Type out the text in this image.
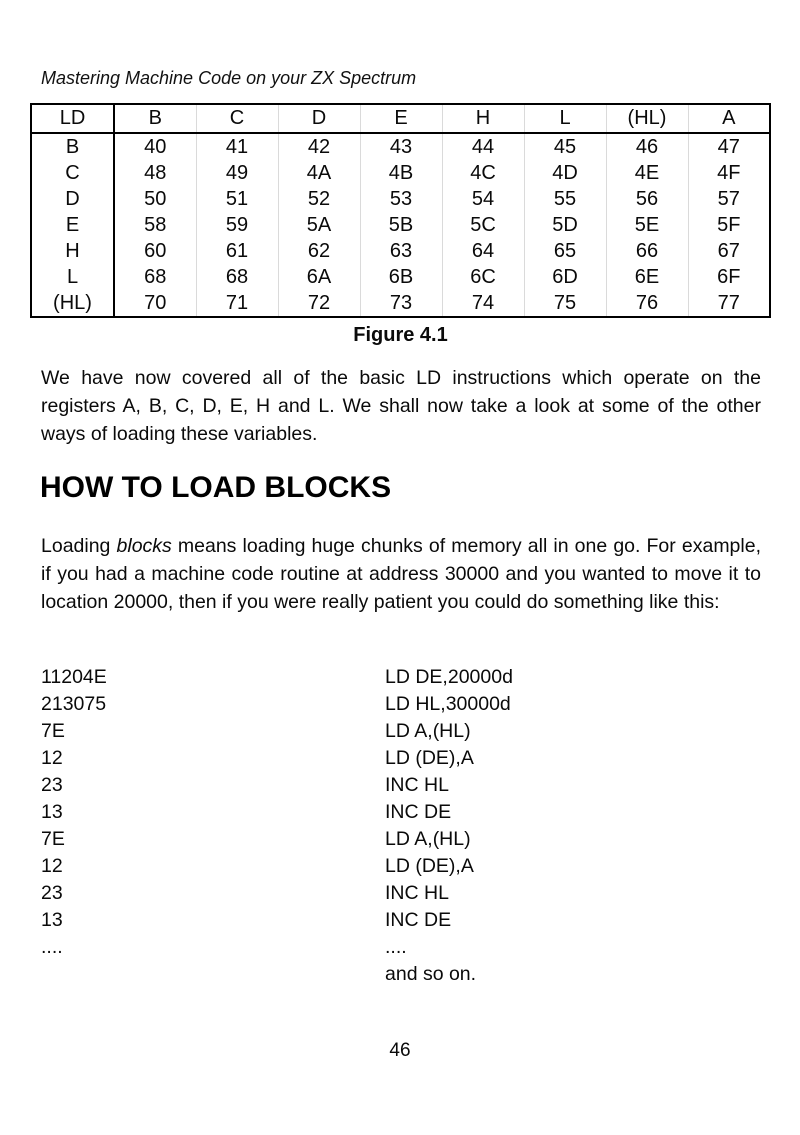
Mastering Machine Code on your ZX Spectrum
LD	B	C	D	E	H	L	(HL)	A
B	40	41	42	43	44	45	46	47
C	48	49	4A	4B	4C	4D	4E	4F
D	50	51	52	53	54	55	56	57
E	58	59	5A	5B	5C	5D	5E	5F
H	60	61	62	63	64	65	66	67
L	68	68	6A	6B	6C	6D	6E	6F
(HL)	70	71	72	73	74	75	76	77
Figure 4.1
We have now covered all of the basic LD instructions which operate on the registers A, B, C, D, E, H and L. We shall now take a look at some of the other ways of loading these variables.
HOW TO LOAD BLOCKS
Loading blocks means loading huge chunks of memory all in one go. For example, if you had a machine code routine at address 30000 and you wanted to move it to location 20000, then if you were really patient you could do something like this:
11204E	LD DE,20000d
213075	LD HL,30000d
7E	LD A,(HL)
12	LD (DE),A
23	INC HL
13	INC DE
7E	LD A,(HL)
12	LD (DE),A
23	INC HL
13	INC DE
....	....
and so on.
46
